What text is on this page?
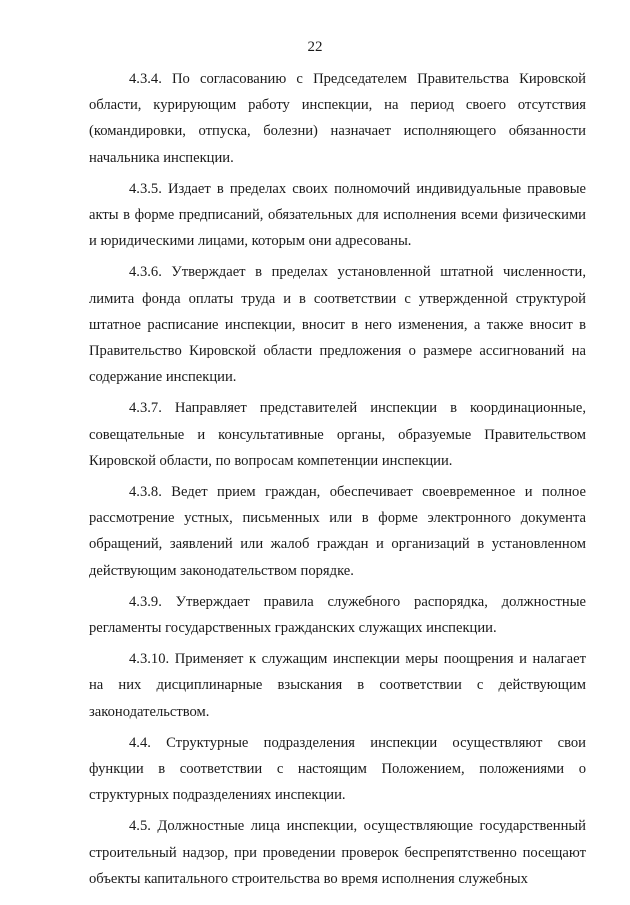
22

4.3.4. По согласованию с Председателем Правительства Кировской области, курирующим работу инспекции, на период своего отсутствия (командировки, отпуска, болезни) назначает исполняющего обязанности начальника инспекции.

4.3.5. Издает в пределах своих полномочий индивидуальные правовые акты в форме предписаний, обязательных для исполнения всеми физическими и юридическими лицами, которым они адресованы.

4.3.6. Утверждает в пределах установленной штатной численности, лимита фонда оплаты труда и в соответствии с утвержденной структурой штатное расписание инспекции, вносит в него изменения, а также вносит в Правительство Кировской области предложения о размере ассигнований на содержание инспекции.

4.3.7. Направляет представителей инспекции в координационные, совещательные и консультативные органы, образуемые Правительством Кировской области, по вопросам компетенции инспекции.

4.3.8. Ведет прием граждан, обеспечивает своевременное и полное рассмотрение устных, письменных или в форме электронного документа обращений, заявлений или жалоб граждан и организаций в установленном действующим законодательством порядке.

4.3.9. Утверждает правила служебного распорядка, должностные регламенты государственных гражданских служащих инспекции.

4.3.10. Применяет к служащим инспекции меры поощрения и налагает на них дисциплинарные взыскания в соответствии с действующим законодательством.

4.4. Структурные подразделения инспекции осуществляют свои функции в соответствии с настоящим Положением, положениями о структурных подразделениях инспекции.

4.5. Должностные лица инспекции, осуществляющие государственный строительный надзор, при проведении проверок беспрепятственно посещают объекты капитального строительства во время исполнения служебных
